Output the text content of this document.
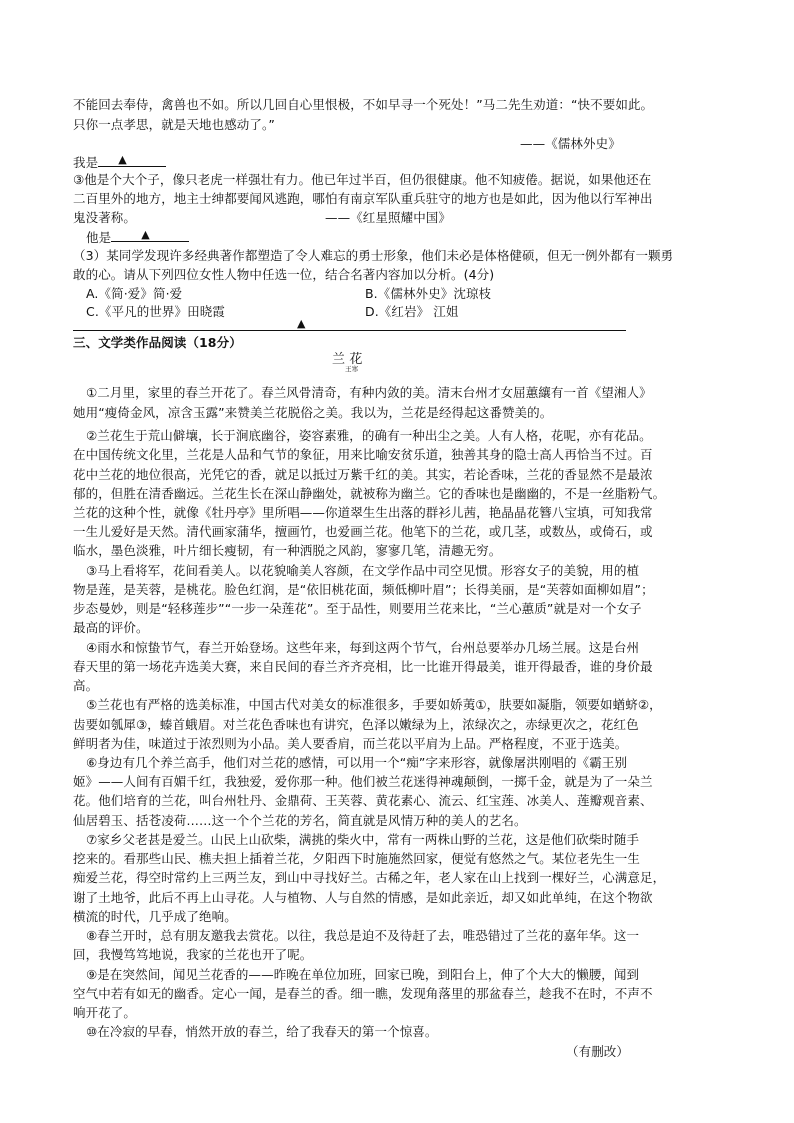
不能回去奉侍，禽兽也不如。所以几回自心里恨极，不如早寻一个死处！”马二先生劝道：“快不要如此。
只你一点孝思，就是天地也感动了。”
——《儒林外史》
我是 ▲
③他是个大个子，像只老虎一样强壮有力。他已年过半百，但仍很健康。他不知疲倦。据说，如果他还在
二百里外的地方，地主士绅都要闻风逃跑，哪怕有南京军队重兵驻守的地方也是如此，因为他以行军神出
鬼没著称。	——《红星照耀中国》
他是	▲
（3）某同学发现许多经典著作都塑造了令人难忘的勇士形象，他们未必是体格健硕，但无一例外都有一颗勇
敢的心。请从下列四位女性人物中任选一位，结合名著内容加以分析。(4分)
A.《简·爱》简·爱	B.《儒林外史》沈琼枝
C.《平凡的世界》田晓霞	D.《红岩》 江姐
▲
三、文学类作品阅读（18分）
兰 花
王寒
①二月里，家里的春兰开花了。春兰风骨清奇，有种内敛的美。清末台州才女屈蕙纕有一首《望湘人》
她用“瘦倚金风，凉含玉露”来赞美兰花脱俗之美。我以为，兰花是经得起这番赞美的。
②兰花生于荒山僻壤，长于涧底幽谷，姿容素雅，的确有一种出尘之美。人有人格，花呢，亦有花品。
在中国传统文化里，兰花是人品和气节的象征，用来比喻安贫乐道，独善其身的隐士高人再恰当不过。百
花中兰花的地位很高，光凭它的香，就足以抵过万紫千红的美。其实，若论香味，兰花的香显然不是最浓
郁的，但胜在清香幽远。兰花生长在深山静幽处，就被称为幽兰。它的香味也是幽幽的，不是一丝脂粉气。
兰花的这种个性，就像《牡丹亭》里所唱——你道翠生生出落的群衫儿茜，艳晶晶花簪八宝填，可知我常
一生儿爱好是天然。清代画家蒲华，擅画竹，也爱画兰花。他笔下的兰花，或几茎，或数丛，或倚石，或
临水，墨色淡雅，叶片细长瘦韧，有一种洒脱之风韵，寥寥几笔，清趣无穷。
③马上看将军，花间看美人。以花貌喻美人容颜，在文学作品中司空见惯。形容女子的美貌，用的植
物是莲，是芙蓉，是桃花。脸色红润，是“依旧桃花面，频低柳叶眉”；长得美丽，是“芙蓉如面柳如眉”；
步态曼妙，则是“轻移莲步”“一步一朵莲花”。至于品性，则要用兰花来比，“兰心蕙质”就是对一个女子
最高的评价。
④雨水和惊蛰节气，春兰开始登场。这些年来，每到这两个节气，台州总要举办几场兰展。这是台州
春天里的第一场花卉选美大赛，来自民间的春兰齐齐亮相，比一比谁开得最美，谁开得最香，谁的身价最
高。
⑤兰花也有严格的选美标准，中国古代对美女的标准很多，手要如娇荑①，肤要如凝脂，领要如蝤蛴②，
齿要如瓠犀③，螓首蛾眉。对兰花色香味也有讲究，色泽以嫩绿为上，浓绿次之，赤绿更次之，花红色
鲜明者为佳，味道过于浓烈则为小品。美人要香肩，而兰花以平肩为上品。严格程度，不亚于选美。
⑥身边有几个养兰高手，他们对兰花的感情，可以用一个“痴”字来形容，就像屠洪刚唱的《霸王别
姬》——人间有百媚千红，我独爱，爱你那一种。他们被兰花迷得神魂颠倒，一掷千金，就是为了一朵兰
花。他们培育的兰花，叫台州牡丹、金鼎荷、王芙蓉、黄花素心、流云、红宝莲、冰美人、莲瓣观音素、
仙居碧玉、括苍凌荷……这一个个兰花的芳名，简直就是风情万种的美人的艺名。
⑦家乡父老甚是爱兰。山民上山砍柴，满挑的柴火中，常有一两株山野的兰花，这是他们砍柴时随手
挖来的。看那些山民、樵夫担上插着兰花，夕阳西下时施施然回家，便觉有悠然之气。某位老先生一生
痴爱兰花，得空时常约上三两兰友，到山中寻找好兰。古稀之年，老人家在山上找到一棵好兰，心满意足，
谢了土地爷，此后不再上山寻花。人与植物、人与自然的情感，是如此亲近，却又如此单纯，在这个物欲
横流的时代，几乎成了绝响。
⑧春兰开时，总有朋友邀我去赏花。以往，我总是迫不及待赶了去，唯恐错过了兰花的嘉年华。这一
回，我慢笃笃地说，我家的兰花也开了呢。
⑨是在突然间，闻见兰花香的——昨晚在单位加班，回家已晚，到阳台上，伸了个大大的懒腰，闻到
空气中若有如无的幽香。定心一闻，是春兰的香。细一瞧，发现角落里的那盆春兰，趁我不在时，不声不
响开花了。
⑩在冷寂的早春，悄然开放的春兰，给了我春天的第一个惊喜。
（有删改）
